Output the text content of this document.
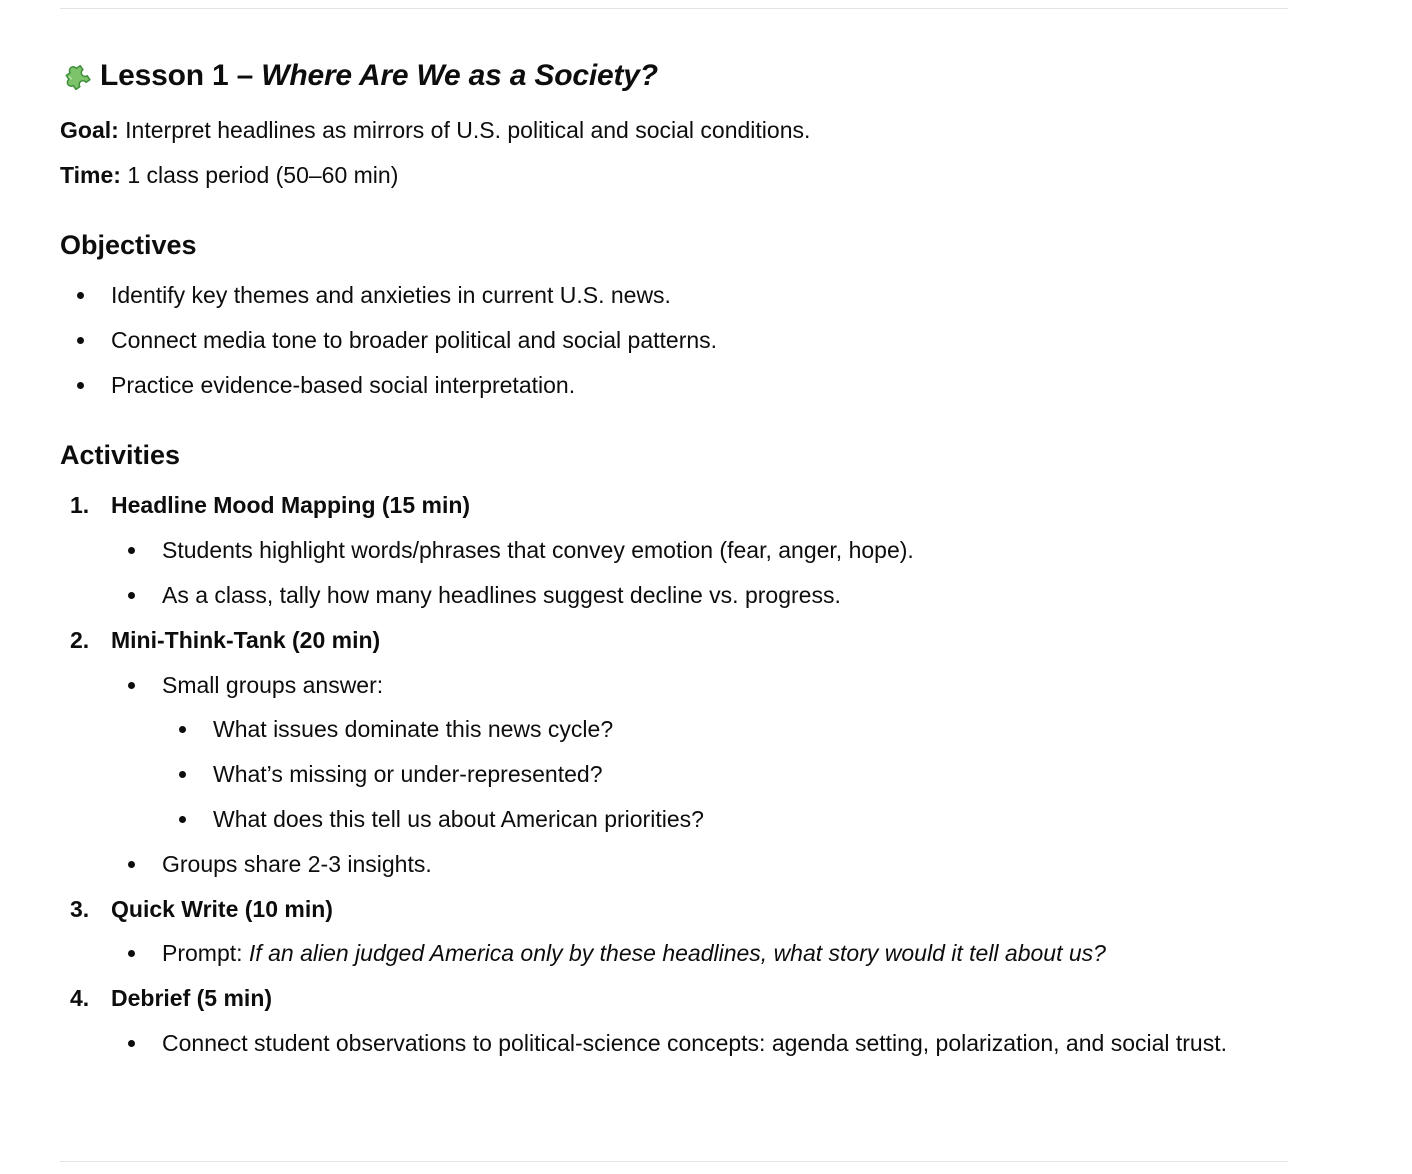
Lesson 1 – Where Are We as a Society?

Goal: Interpret headlines as mirrors of U.S. political and social conditions.

Time: 1 class period (50–60 min)

Objectives
Identify key themes and anxieties in current U.S. news.
Connect media tone to broader political and social patterns.
Practice evidence-based social interpretation.
Activities
1. Headline Mood Mapping (15 min)
Students highlight words/phrases that convey emotion (fear, anger, hope).
As a class, tally how many headlines suggest decline vs. progress.
2. Mini-Think-Tank (20 min)
Small groups answer:
What issues dominate this news cycle?
What’s missing or under-represented?
What does this tell us about American priorities?
Groups share 2-3 insights.
3. Quick Write (10 min)
Prompt: If an alien judged America only by these headlines, what story would it tell about us?
4. Debrief (5 min)
Connect student observations to political-science concepts: agenda setting, polarization, and social trust.
